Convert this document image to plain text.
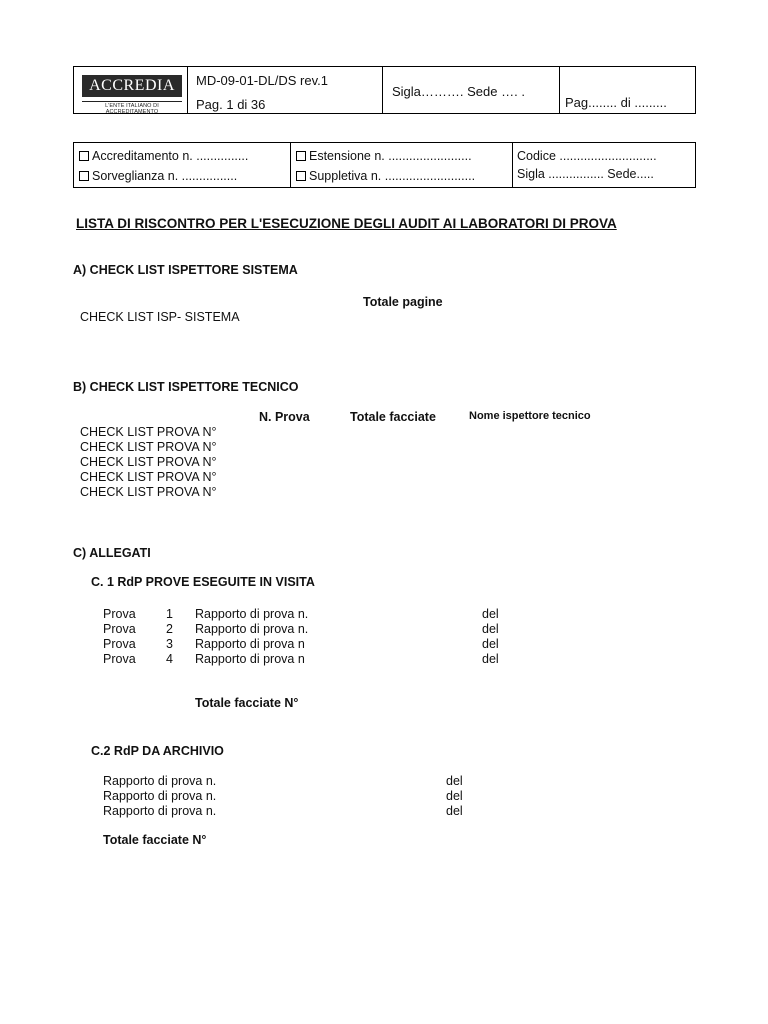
ACCREDIA
L'ENTE ITALIANO DI ACCREDITAMENTO
MD-09-01-DL/DS rev.1
Pag. 1 di 36
Sigla………. Sede …. .
Pag........ di .........
Accreditamento n. ...............
Sorveglianza n. ................
Estensione n. ........................
Suppletiva n. ..........................
Codice ............................
Sigla ................ Sede.....
LISTA DI RISCONTRO PER L'ESECUZIONE DEGLI AUDIT AI LABORATORI DI PROVA
A) CHECK LIST ISPETTORE SISTEMA
Totale pagine
CHECK LIST ISP- SISTEMA
B) CHECK LIST ISPETTORE TECNICO
N. Prova	Totale facciate	Nome ispettore tecnico
CHECK LIST PROVA N°
CHECK LIST PROVA N°
CHECK LIST PROVA N°
CHECK LIST PROVA N°
CHECK LIST PROVA N°
C) ALLEGATI
C. 1 RdP PROVE ESEGUITE IN VISITA
Prova 1 Rapporto di prova n.	del
Prova 2 Rapporto di prova n.	del
Prova 3 Rapporto di prova n	del
Prova 4 Rapporto di prova n	del
Totale facciate N°
C.2 RdP DA ARCHIVIO
Rapporto di prova n.	del
Rapporto di prova n.	del
Rapporto di prova n.	del
Totale facciate N°
